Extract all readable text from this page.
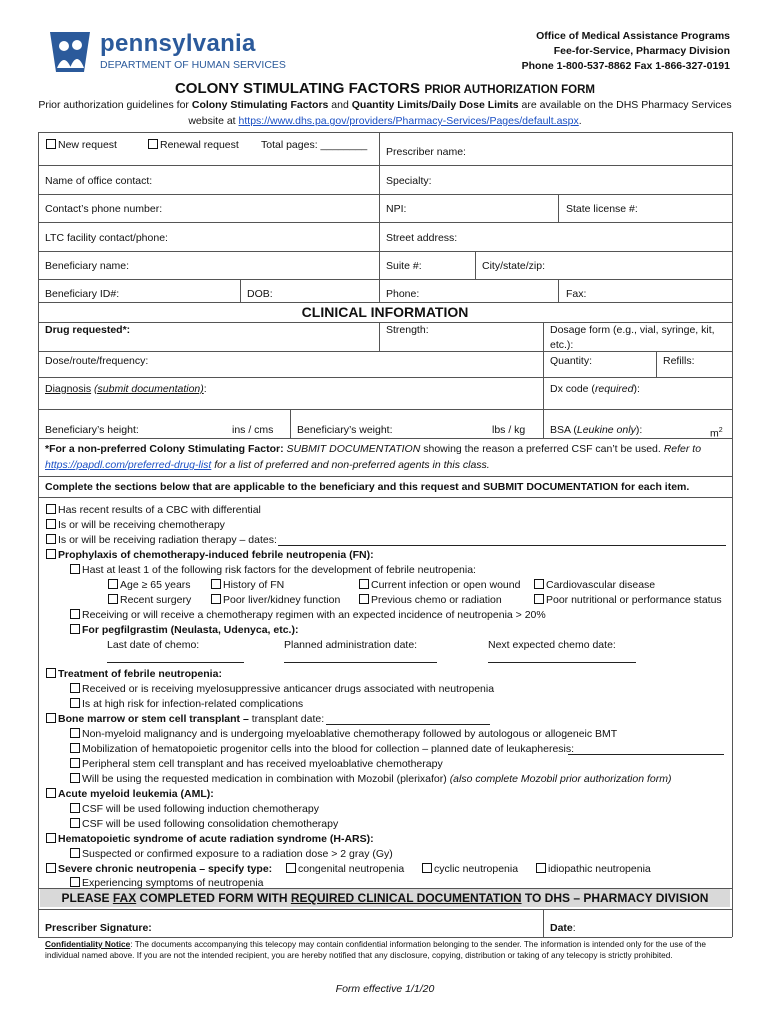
pennsylvania
DEPARTMENT OF HUMAN SERVICES
Office of Medical Assistance Programs
Fee-for-Service, Pharmacy Division
Phone 1-800-537-8862 Fax 1-866-327-0191
COLONY STIMULATING FACTORS PRIOR AUTHORIZATION FORM
Prior authorization guidelines for Colony Stimulating Factors and Quantity Limits/Daily Dose Limits are available on the DHS Pharmacy Services
website at https://www.dhs.pa.gov/providers/Pharmacy-Services/Pages/default.aspx.
New request	Renewal request Total pages: ________
Prescriber name:
Name of office contact:	Specialty:
Contact’s phone number:	NPI:	State license #:
LTC facility contact/phone:	Street address:
Beneficiary name:	Suite #:	City/state/zip:
Beneficiary ID#:	DOB:	Phone:	Fax:
CLINICAL INFORMATION
Drug requested*:	Strength:	Dosage form (e.g., vial, syringe, kit,
etc.):
Dose/route/frequency:	Quantity:	Refills:
Diagnosis (submit documentation):	Dx code (required):
Beneficiary’s height:	ins / cms Beneficiary’s weight:	lbs / kg BSA (Leukine only):	$m^2$
*For a non-preferred Colony Stimulating Factor: SUBMIT DOCUMENTATION showing the reason a preferred CSF can’t be used. Refer to
https://papdl.com/preferred-drug-list for a list of preferred and non-preferred agents in this class.
Complete the sections below that are applicable to the beneficiary and this request and SUBMIT DOCUMENTATION for each item.
Has recent results of a CBC with differential
Is or will be receiving chemotherapy
Is or will be receiving radiation therapy – dates:
Prophylaxis of chemotherapy-induced febrile neutropenia (FN):
Hast at least 1 of the following risk factors for the development of febrile neutropenia:
Age ≥ 65 years	History of FN	Current infection or open wound	Cardiovascular disease
Recent surgery	Poor liver/kidney function	Previous chemo or radiation	Poor nutritional or performance status
Receiving or will receive a chemotherapy regimen with an expected incidence of neutropenia > 20%
For pegfilgrastim (Neulasta, Udenyca, etc.):
Last date of chemo:	Planned administration date:	Next expected chemo date:
Treatment of febrile neutropenia:
Received or is receiving myelosuppressive anticancer drugs associated with neutropenia
Is at high risk for infection-related complications
Bone marrow or stem cell transplant – transplant date:
Non-myeloid malignancy and is undergoing myeloablative chemotherapy followed by autologous or allogeneic BMT
Mobilization of hematopoietic progenitor cells into the blood for collection – planned date of leukapheresis:
Peripheral stem cell transplant and has received myeloablative chemotherapy
Will be using the requested medication in combination with Mozobil (plerixafor) (also complete Mozobil prior authorization form)
Acute myeloid leukemia (AML):
CSF will be used following induction chemotherapy
CSF will be used following consolidation chemotherapy
Hematopoietic syndrome of acute radiation syndrome (H-ARS):
Suspected or confirmed exposure to a radiation dose > 2 gray (Gy)
Severe chronic neutropenia – specify type:	congenital neutropenia	cyclic neutropenia	idiopathic neutropenia
Experiencing symptoms of neutropenia
PLEASE FAX COMPLETED FORM WITH REQUIRED CLINICAL DOCUMENTATION TO DHS – PHARMACY DIVISION
Prescriber Signature:	Date:
Confidentiality Notice: The documents accompanying this telecopy may contain confidential information belonging to the sender. The information is intended only for the use of the
individual named above. If you are not the intended recipient, you are hereby notified that any disclosure, copying, distribution or taking of any telecopy is strictly prohibited.
Form effective 1/1/20
